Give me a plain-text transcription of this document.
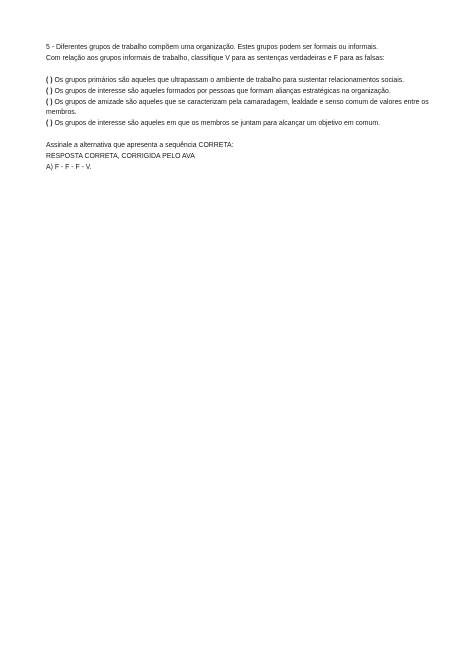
5 - Diferentes grupos de trabalho compõem uma organização. Estes grupos podem ser formais ou informais.

Com relação aos grupos informais de trabalho, classifique V para as sentenças verdadeiras e F para as falsas:

( ) Os grupos primários são aqueles que ultrapassam o ambiente de trabalho para sustentar relacionamentos sociais.

( ) Os grupos de interesse são aqueles formados por pessoas que formam alianças estratégicas na organização.

( ) Os grupos de amizade são aqueles que se caracterizam pela camaradagem, lealdade e senso comum de valores entre os membros.

( ) Os grupos de interesse são aqueles em que os membros se juntam para alcançar um objetivo em comum.

Assinale a alternativa que apresenta a sequência CORRETA:

RESPOSTA CORRETA, CORRIGIDA PELO AVA

A) F - F - F - V.
